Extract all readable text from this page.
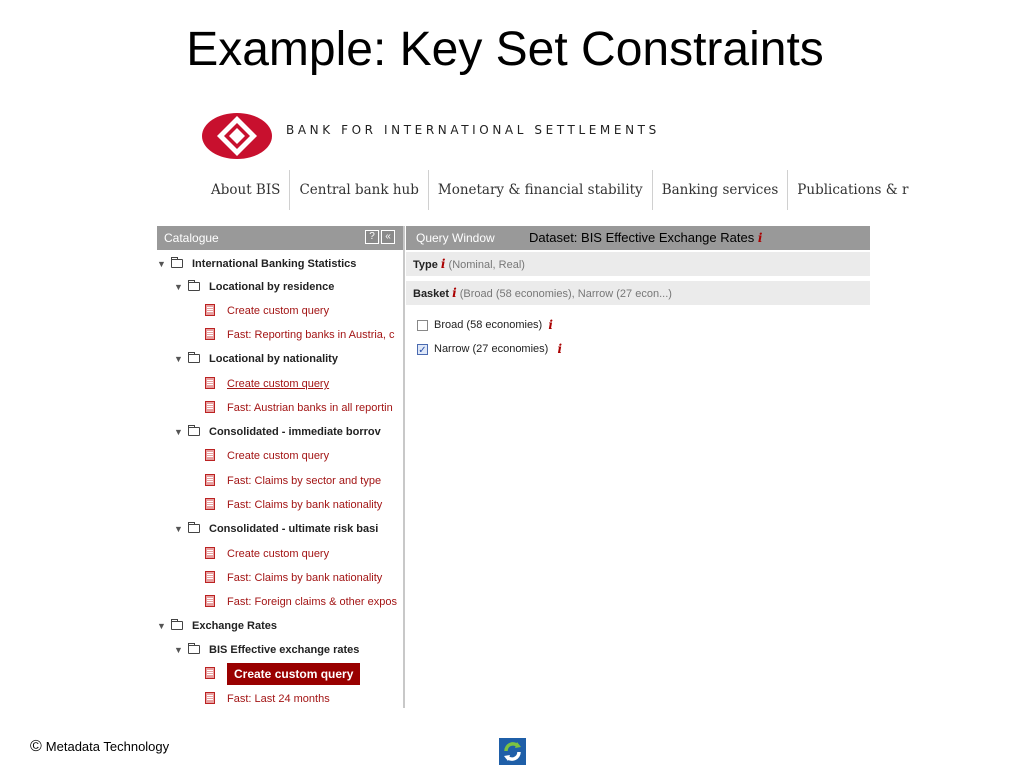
Example: Key Set Constraints
BANK FOR INTERNATIONAL SETTLEMENTS
About BIS	Central bank hub	Monetary & financial stability	Banking services	Publications & r
Catalogue	?	«
▼	International Banking Statistics
▼	Locational by residence
Create custom query
Fast: Reporting banks in Austria, c
▼	Locational by nationality
Create custom query
Fast: Austrian banks in all reportin
▼	Consolidated - immediate borrov
Create custom query
Fast: Claims by sector and type
Fast: Claims by bank nationality
▼	Consolidated - ultimate risk basi
Create custom query
Fast: Claims by bank nationality
Fast: Foreign claims & other expos
▼	Exchange Rates
▼	BIS Effective exchange rates
Create custom query
Fast: Last 24 months
Query Window	Dataset: BIS Effective Exchange Rates i
Type i (Nominal, Real)
Basket i (Broad (58 economies), Narrow (27 econ...)
Broad (58 economies)
i
✓ Narrow (27 economies)
i
© Metadata Technology
